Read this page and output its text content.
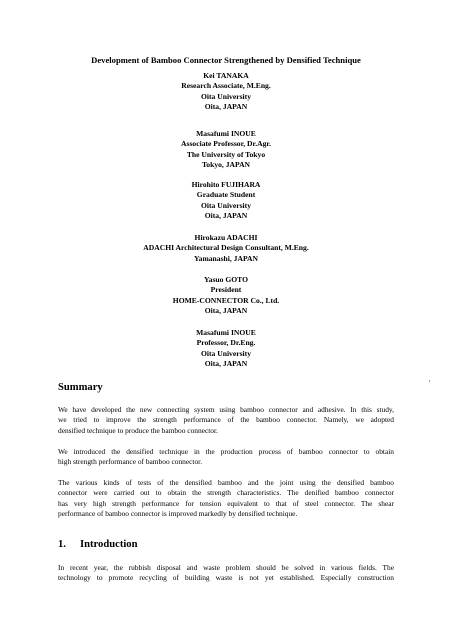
Development of Bamboo Connector Strengthened by Densified Technique
Kei TANAKA
Research Associate, M.Eng.
Oita University
Oita, JAPAN
Masafumi INOUE
Associate Professor, Dr.Agr.
The University of Tokyo
Tokyo, JAPAN
Hirohito FUJIHARA
Graduate Student
Oita University
Oita, JAPAN
Hirokazu ADACHI
ADACHI Architectural Design Consultant, M.Eng.
Yamanashi, JAPAN
Yasuo GOTO
President
HOME-CONNECTOR Co., Ltd.
Oita, JAPAN
Masafumi INOUE
Professor, Dr.Eng.
Oita University
Oita, JAPAN
,
Summary
We have developed the new connecting system using bamboo connector and adhesive. In this study,
we tried to improve the strength performance of the bamboo connector. Namely, we adopted
densified technique to produce the bamboo connector.
We introduced the densified technique in the production process of bamboo connector to obtain
high strength performance of bamboo connector.
The various kinds of tests of the densified bamboo and the joint using the densified bamboo
connector were carried out to obtain the strength characteristics. The denified bamboo connector
has very high strength performance for tension equivalent to that of steel connector. The shear
performance of bamboo connector is improved markedly by densified technique.
1. Introduction
In recent year, the rubbish disposal and waste problem should be solved in various fields. The
technology to promote recycling of building waste is not yet established. Especially construction
